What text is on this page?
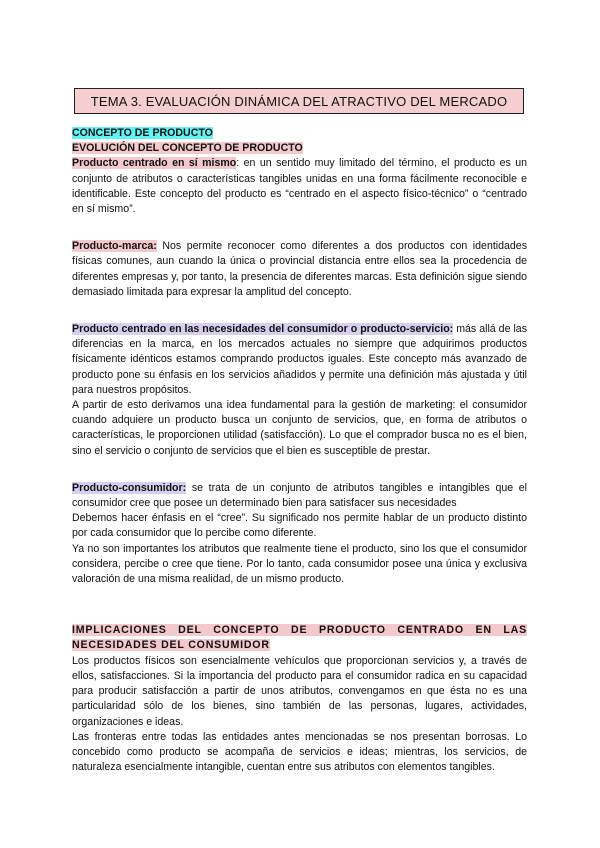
TEMA 3. EVALUACIÓN DINÁMICA DEL ATRACTIVO DEL MERCADO
CONCEPTO DE PRODUCTO
EVOLUCIÓN DEL CONCEPTO DE PRODUCTO

Producto centrado en sí mismo: en un sentido muy limitado del término, el producto es un conjunto de atributos o características tangibles unidas en una forma fácilmente reconocible e identificable. Este concepto del producto es “centrado en el aspecto físico-técnico” o “centrado en sí mismo”.

Producto-marca: Nos permite reconocer como diferentes a dos productos con identidades físicas comunes, aun cuando la única o provincial distancia entre ellos sea la procedencia de diferentes empresas y, por tanto, la presencia de diferentes marcas. Esta definición sigue siendo demasiado limitada para expresar la amplitud del concepto.

Producto centrado en las necesidades del consumidor o producto-servicio: más allá de las diferencias en la marca, en los mercados actuales no siempre que adquirimos productos físicamente idénticos estamos comprando productos iguales. Este concepto más avanzado de producto pone su énfasis en los servicios añadidos y permite una definición más ajustada y útil para nuestros propósitos.

A partir de esto derivamos una idea fundamental para la gestión de marketing: el consumidor cuando adquiere un producto busca un conjunto de servicios, que, en forma de atributos o características, le proporcionen utilidad (satisfacción). Lo que el comprador busca no es el bien, sino el servicio o conjunto de servicios que el bien es susceptible de prestar.

Producto-consumidor: se trata de un conjunto de atributos tangibles e intangibles que el consumidor cree que posee un determinado bien para satisfacer sus necesidades

Debemos hacer énfasis en el “cree”. Su significado nos permite hablar de un producto distinto por cada consumidor que lo percibe como diferente.

Ya no son importantes los atributos que realmente tiene el producto, sino los que el consumidor considera, percibe o cree que tiene. Por lo tanto, cada consumidor posee una única y exclusiva valoración de una misma realidad, de un mismo producto.

IMPLICACIONES DEL CONCEPTO DE PRODUCTO CENTRADO EN LAS

NECESIDADES DEL CONSUMIDOR

Los productos físicos son esencialmente vehículos que proporcionan servicios y, a través de ellos, satisfacciones. Si la importancia del producto para el consumidor radica en su capacidad para producir satisfacción a partir de unos atributos, convengamos en que ésta no es una particularidad sólo de los bienes, sino también de las personas, lugares, actividades, organizaciones e ideas.

Las fronteras entre todas las entidades antes mencionadas se nos presentan borrosas. Lo concebido como producto se acompaña de servicios e ideas; mientras, los servicios, de naturaleza esencialmente intangible, cuentan entre sus atributos con elementos tangibles.
